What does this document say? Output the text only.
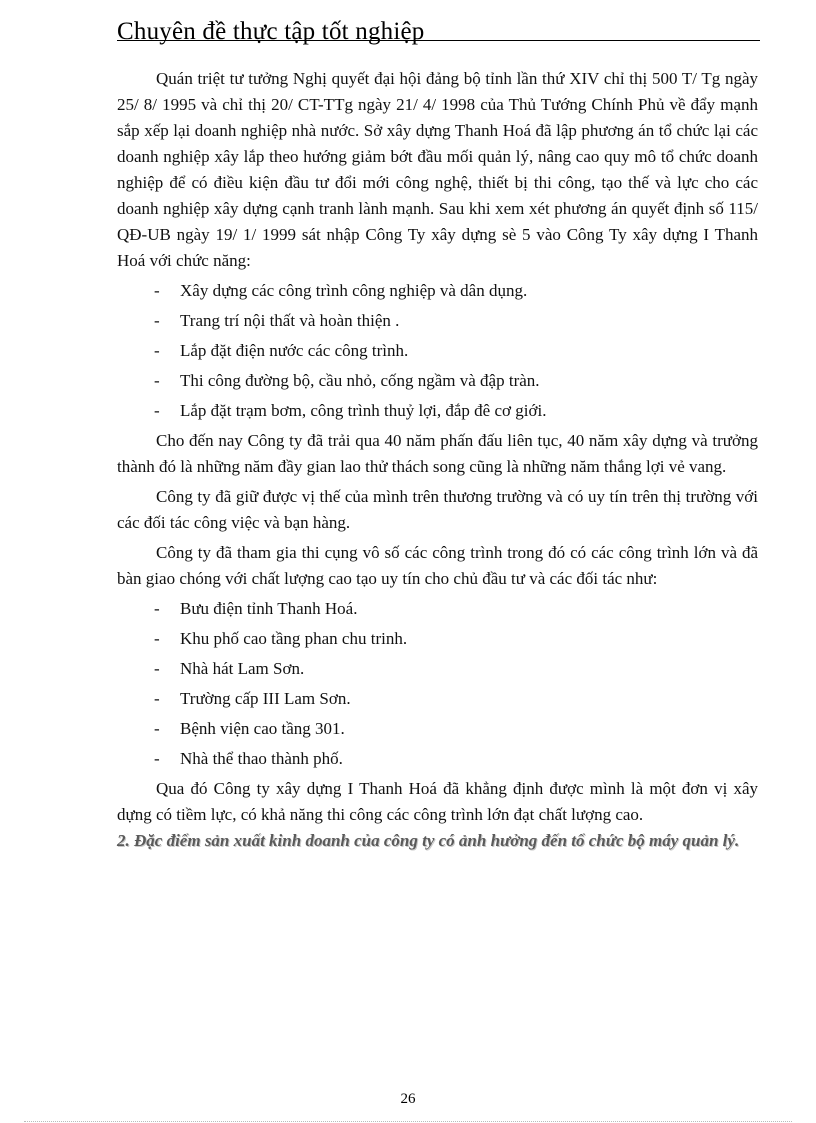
Chuyên đề thực tập tốt nghiệp

Quán triệt tư tưởng Nghị quyết đại hội đảng bộ tỉnh lần thứ XIV chỉ thị 500 T/ Tg ngày 25/ 8/ 1995 và chỉ thị 20/ CT-TTg ngày 21/ 4/ 1998 của Thủ Tướng Chính Phủ về đẩy mạnh sắp xếp lại doanh nghiệp nhà nước. Sở xây dựng Thanh Hoá đã lập phương án tổ chức lại các doanh nghiệp xây lắp theo hướng giảm bớt đầu mối quản lý, nâng cao quy mô tổ chức doanh nghiệp để có điều kiện đầu tư đổi mới công nghệ, thiết bị thi công, tạo thế và lực cho các doanh nghiệp xây dựng cạnh tranh lành mạnh. Sau khi xem xét phương án quyết định số 115/ QĐ-UB ngày 19/ 1/ 1999 sát nhập Công Ty xây dựng sè 5 vào Công Ty xây dựng I Thanh Hoá với chức năng:

- Xây dựng các công trình công nghiệp và dân dụng.
- Trang trí nội thất và hoàn thiện .
- Lắp đặt điện nước các công trình.
- Thi công đường bộ, cầu nhỏ, cống ngầm và đập tràn.
- Lắp đặt trạm bơm, công trình thuỷ lợi, đắp đê cơ giới.

Cho đến nay Công ty đã trải qua 40 năm phấn đấu liên tục, 40 năm xây dựng và trưởng thành đó là những năm đầy gian lao thử thách song cũng là những năm thắng lợi vẻ vang.

Công ty đã giữ được vị thế của mình trên thương trường và có uy tín trên thị trường với các đối tác công việc và bạn hàng.

Công ty đã tham gia thi cụng vô số các công trình trong đó có các công trình lớn và đã bàn giao chóng với chất lượng cao tạo uy tín cho chủ đầu tư và các đối tác như:

- Bưu điện tỉnh Thanh Hoá.
- Khu phố cao tầng phan chu trinh.
- Nhà hát Lam Sơn.
- Trường cấp III Lam Sơn.
- Bệnh viện cao tầng 301.
- Nhà thể thao thành phố.

Qua đó Công ty xây dựng I Thanh Hoá đã khẳng định được mình là một đơn vị xây dựng có tiềm lực, có khả năng thi công các công trình lớn đạt chất lượng cao.

2. Đặc điểm sản xuất kinh doanh của công ty có ảnh hưởng đến tổ chức bộ máy quản lý.

26
